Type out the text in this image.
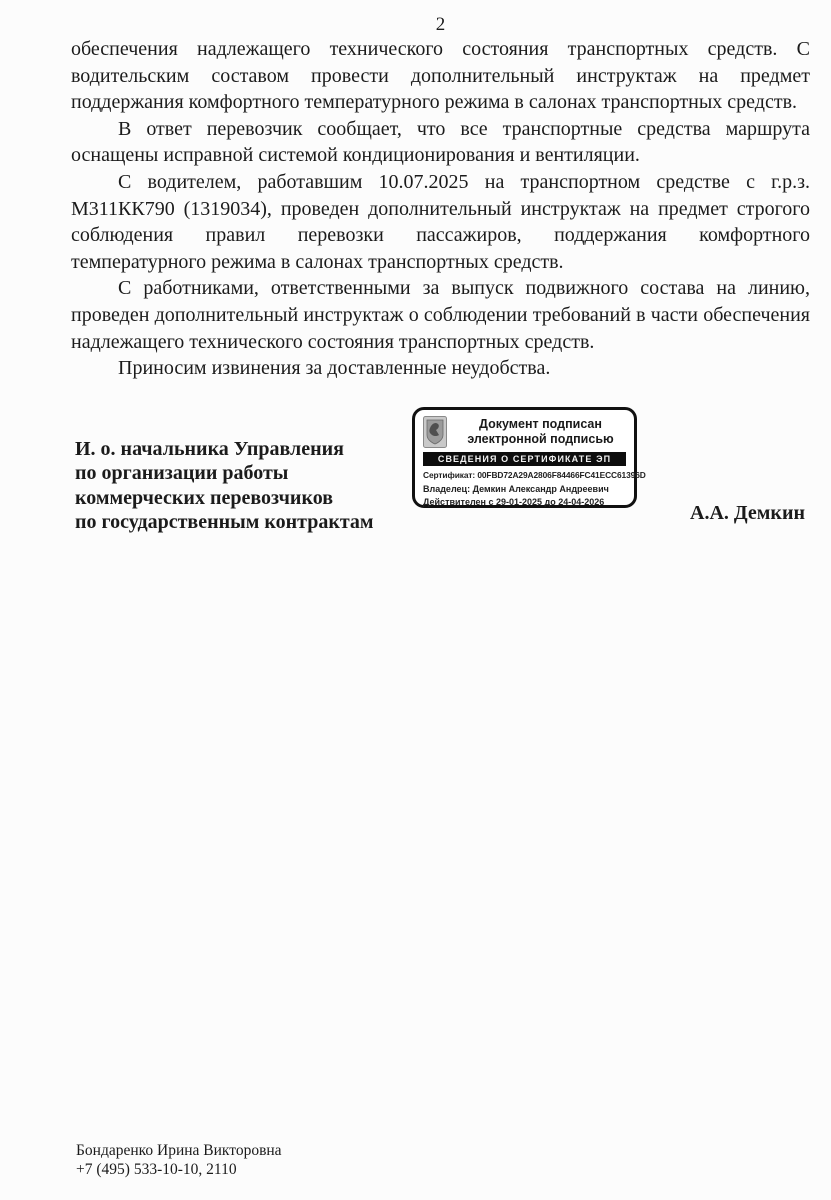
2

обеспечения надлежащего технического состояния транспортных средств. С водительским составом провести дополнительный инструктаж на предмет поддержания комфортного температурного режима в салонах транспортных средств.

В ответ перевозчик сообщает, что все транспортные средства маршрута оснащены исправной системой кондиционирования и вентиляции.

С водителем, работавшим 10.07.2025 на транспортном средстве с г.р.з. М311КК790 (1319034), проведен дополнительный инструктаж на предмет строгого соблюдения правил перевозки пассажиров, поддержания комфортного температурного режима в салонах транспортных средств.

С работниками, ответственными за выпуск подвижного состава на линию, проведен дополнительный инструктаж о соблюдении требований в части обеспечения надлежащего технического состояния транспортных средств.

Приносим извинения за доставленные неудобства.

И. о. начальника Управления
по организации работы
коммерческих перевозчиков
по государственным контрактам	А.А. Демкин
Документ подписан
электронной подписью
СВЕДЕНИЯ О СЕРТИФИКАТЕ ЭП
Сертификат: 00FBD72A29A2806F84466FC41ECC61396D
Владелец: Демкин Александр Андреевич
Действителен с 29-01-2025 до 24-04-2026
Бондаренко Ирина Викторовна
+7 (495) 533-10-10, 2110
